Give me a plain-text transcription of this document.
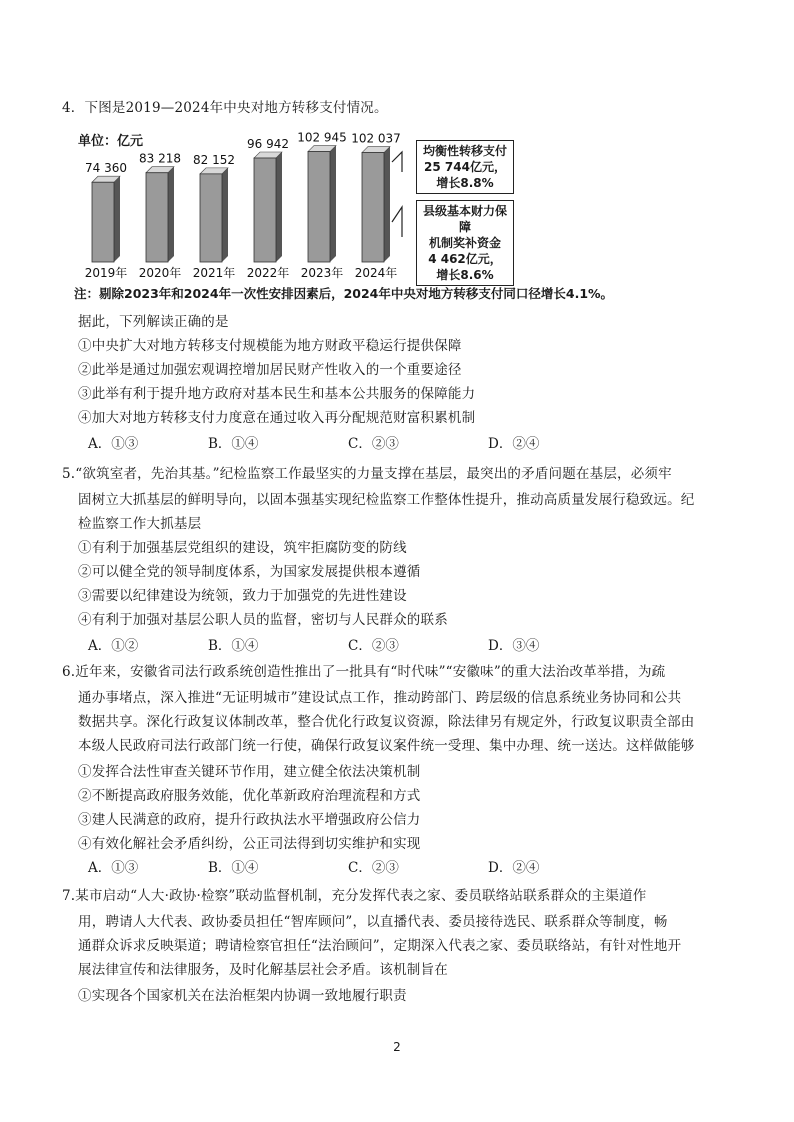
4．下图是2019—2024年中央对地方转移支付情况。
单位：亿元
74 360
2019年
83 218
2020年
82 152
2021年
96 942
2022年
102 945
2023年
102 037
2024年
均衡性转移支付
25 744亿元，
增长8.8%
县级基本财力保障
机制奖补资金
4 462亿元，
增长8.6%
注：剔除2023年和2024年一次性安排因素后，2024年中央对地方转移支付同口径增长4.1%。
据此，下列解读正确的是
①中央扩大对地方转移支付规模能为地方财政平稳运行提供保障
②此举是通过加强宏观调控增加居民财产性收入的一个重要途径
③此举有利于提升地方政府对基本民生和基本公共服务的保障能力
④加大对地方转移支付力度意在通过收入再分配规范财富积累机制
A．①③	B．①④	C．②③	D．②④
5.“欲筑室者，先治其基。”纪检监察工作最坚实的力量支撑在基层，最突出的矛盾问题在基层，必须牢
固树立大抓基层的鲜明导向，以固本强基实现纪检监察工作整体性提升，推动高质量发展行稳致远。纪
检监察工作大抓基层
①有利于加强基层党组织的建设，筑牢拒腐防变的防线
②可以健全党的领导制度体系，为国家发展提供根本遵循
③需要以纪律建设为统领，致力于加强党的先进性建设
④有利于加强对基层公职人员的监督，密切与人民群众的联系
A．①②	B．①④	C．②③	D．③④
6.近年来，安徽省司法行政系统创造性推出了一批具有“时代味”“安徽味”的重大法治改革举措，为疏
通办事堵点，深入推进“无证明城市”建设试点工作，推动跨部门、跨层级的信息系统业务协同和公共
数据共享。深化行政复议体制改革，整合优化行政复议资源，除法律另有规定外，行政复议职责全部由
本级人民政府司法行政部门统一行使，确保行政复议案件统一受理、集中办理、统一送达。这样做能够
①发挥合法性审查关键环节作用，建立健全依法决策机制
②不断提高政府服务效能，优化革新政府治理流程和方式
③建人民满意的政府，提升行政执法水平增强政府公信力
④有效化解社会矛盾纠纷，公正司法得到切实维护和实现
A．①③	B．①④	C．②③	D．②④
7.某市启动“人大·政协·检察”联动监督机制，充分发挥代表之家、委员联络站联系群众的主渠道作
用，聘请人大代表、政协委员担任“智库顾问”，以直播代表、委员接待选民、联系群众等制度，畅
通群众诉求反映渠道；聘请检察官担任“法治顾问”，定期深入代表之家、委员联络站，有针对性地开
展法律宣传和法律服务，及时化解基层社会矛盾。该机制旨在
①实现各个国家机关在法治框架内协调一致地履行职责
2
